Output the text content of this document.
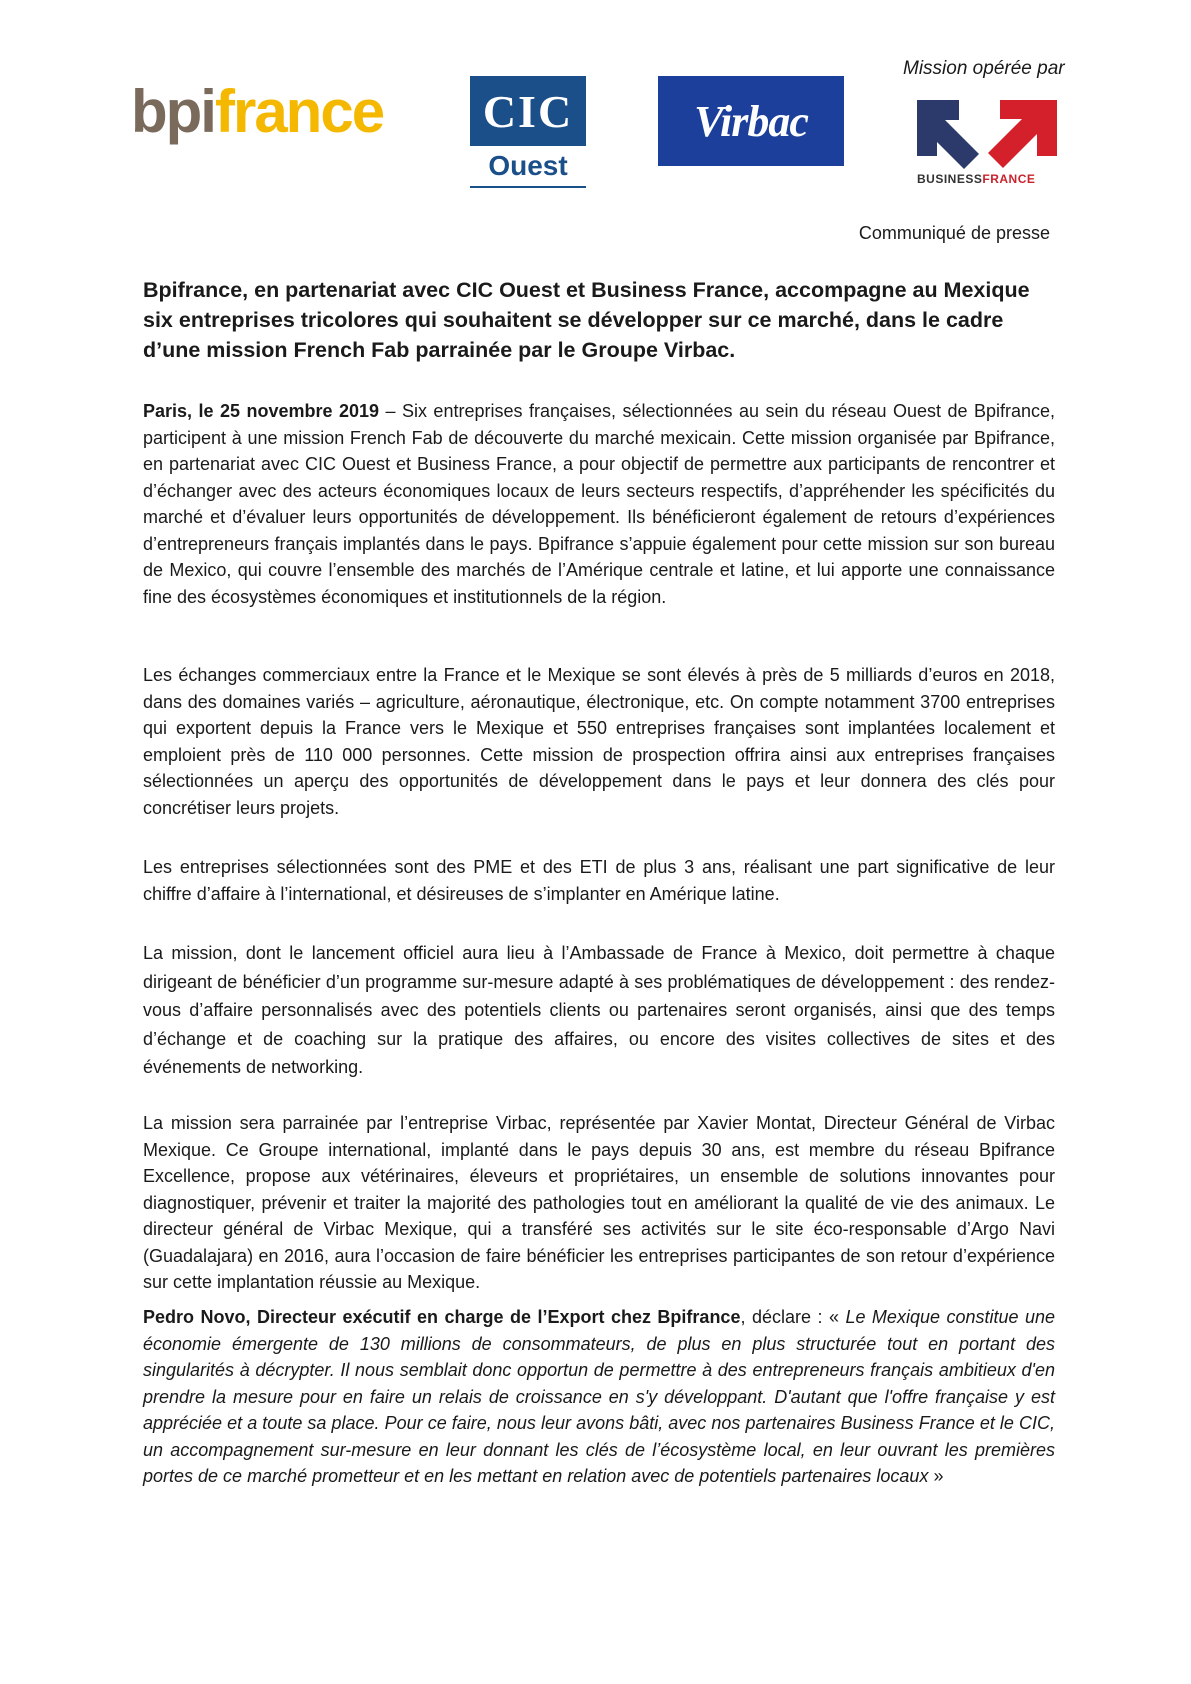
bpifrance CIC
Ouest
Virbac
Mission opérée par
BUSINESSFRANCE
Communiqué de presse
Bpifrance, en partenariat avec CIC Ouest et Business France, accompagne au Mexique six entreprises tricolores qui souhaitent se développer sur ce marché, dans le cadre d’une mission French Fab parrainée par le Groupe Virbac.
Paris, le 25 novembre 2019 – Six entreprises françaises, sélectionnées au sein du réseau Ouest de Bpifrance, participent à une mission French Fab de découverte du marché mexicain. Cette mission organisée par Bpifrance, en partenariat avec CIC Ouest et Business France, a pour objectif de permettre aux participants de rencontrer et d’échanger avec des acteurs économiques locaux de leurs secteurs respectifs, d’appréhender les spécificités du marché et d’évaluer leurs opportunités de développement. Ils bénéficieront également de retours d’expériences d’entrepreneurs français implantés dans le pays. Bpifrance s’appuie également pour cette mission sur son bureau de Mexico, qui couvre l’ensemble des marchés de l’Amérique centrale et latine, et lui apporte une connaissance fine des écosystèmes économiques et institutionnels de la région.
Les échanges commerciaux entre la France et le Mexique se sont élevés à près de 5 milliards d’euros en 2018, dans des domaines variés – agriculture, aéronautique, électronique, etc. On compte notamment 3700 entreprises qui exportent depuis la France vers le Mexique et 550 entreprises françaises sont implantées localement et emploient près de 110 000 personnes. Cette mission de prospection offrira ainsi aux entreprises françaises sélectionnées un aperçu des opportunités de développement dans le pays et leur donnera des clés pour concrétiser leurs projets.
Les entreprises sélectionnées sont des PME et des ETI de plus 3 ans, réalisant une part significative de leur chiffre d’affaire à l’international, et désireuses de s’implanter en Amérique latine.
La mission, dont le lancement officiel aura lieu à l’Ambassade de France à Mexico, doit permettre à chaque dirigeant de bénéficier d’un programme sur-mesure adapté à ses problématiques de développement : des rendez-vous d’affaire personnalisés avec des potentiels clients ou partenaires seront organisés, ainsi que des temps d’échange et de coaching sur la pratique des affaires, ou encore des visites collectives de sites et des événements de networking.
La mission sera parrainée par l’entreprise Virbac, représentée par Xavier Montat, Directeur Général de Virbac Mexique. Ce Groupe international, implanté dans le pays depuis 30 ans, est membre du réseau Bpifrance Excellence, propose aux vétérinaires, éleveurs et propriétaires, un ensemble de solutions innovantes pour diagnostiquer, prévenir et traiter la majorité des pathologies tout en améliorant la qualité de vie des animaux. Le directeur général de Virbac Mexique, qui a transféré ses activités sur le site éco-responsable d’Argo Navi (Guadalajara) en 2016, aura l’occasion de faire bénéficier les entreprises participantes de son retour d’expérience sur cette implantation réussie au Mexique.
Pedro Novo, Directeur exécutif en charge de l’Export chez Bpifrance, déclare : « Le Mexique constitue une économie émergente de 130 millions de consommateurs, de plus en plus structurée tout en portant des singularités à décrypter. Il nous semblait donc opportun de permettre à des entrepreneurs français ambitieux d'en prendre la mesure pour en faire un relais de croissance en s'y développant. D'autant que l'offre française y est appréciée et a toute sa place. Pour ce faire, nous leur avons bâti, avec nos partenaires Business France et le CIC, un accompagnement sur-mesure en leur donnant les clés de l’écosystème local, en leur ouvrant les premières portes de ce marché prometteur et en les mettant en relation avec de potentiels partenaires locaux »
